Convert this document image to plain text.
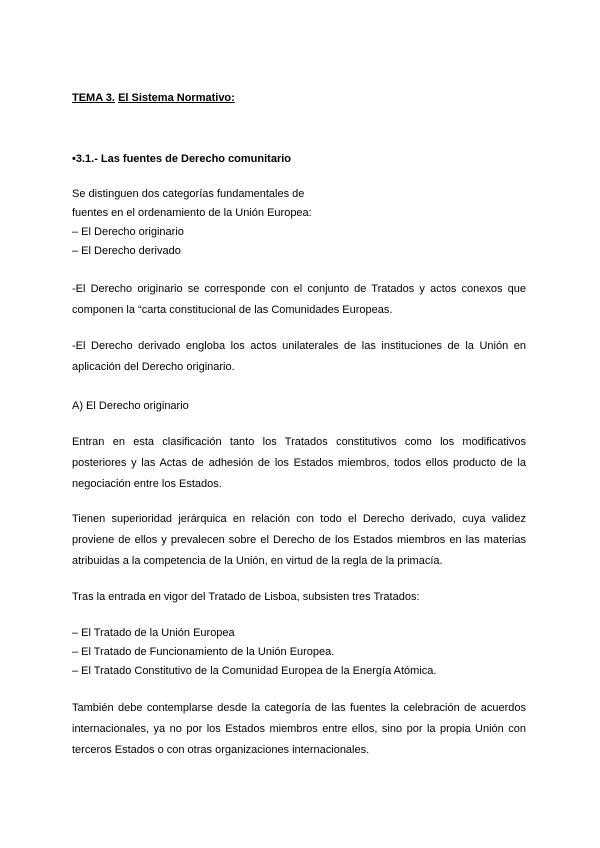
TEMA 3. El Sistema Normativo:
•3.1.- Las fuentes de Derecho comunitario
Se distinguen dos categorías fundamentales de
fuentes en el ordenamiento de la Unión Europea:
– El Derecho originario
– El Derecho derivado
-El Derecho originario se corresponde con el conjunto de Tratados y actos conexos que
componen la “carta constitucional de las Comunidades Europeas.
-El Derecho derivado engloba los actos unilaterales de las instituciones de la Unión en
aplicación del Derecho originario.
A) El Derecho originario
Entran en esta clasificación tanto los Tratados constitutivos como los modificativos
posteriores y las Actas de adhesión de los Estados miembros, todos ellos producto de la
negociación entre los Estados.
Tienen superioridad jerárquica en relación con todo el Derecho derivado, cuya validez
proviene de ellos y prevalecen sobre el Derecho de los Estados miembros en las materias
atribuidas a la competencia de la Unión, en virtud de la regla de la primacía.
Tras la entrada en vigor del Tratado de Lisboa, subsisten tres Tratados:
– El Tratado de la Unión Europea
– El Tratado de Funcionamiento de la Unión Europea.
– El Tratado Constitutivo de la Comunidad Europea de la Energía Atómica.
También debe contemplarse desde la categoría de las fuentes la celebración de acuerdos
internacionales, ya no por los Estados miembros entre ellos, sino por la propia Unión con
terceros Estados o con otras organizaciones internacionales.
